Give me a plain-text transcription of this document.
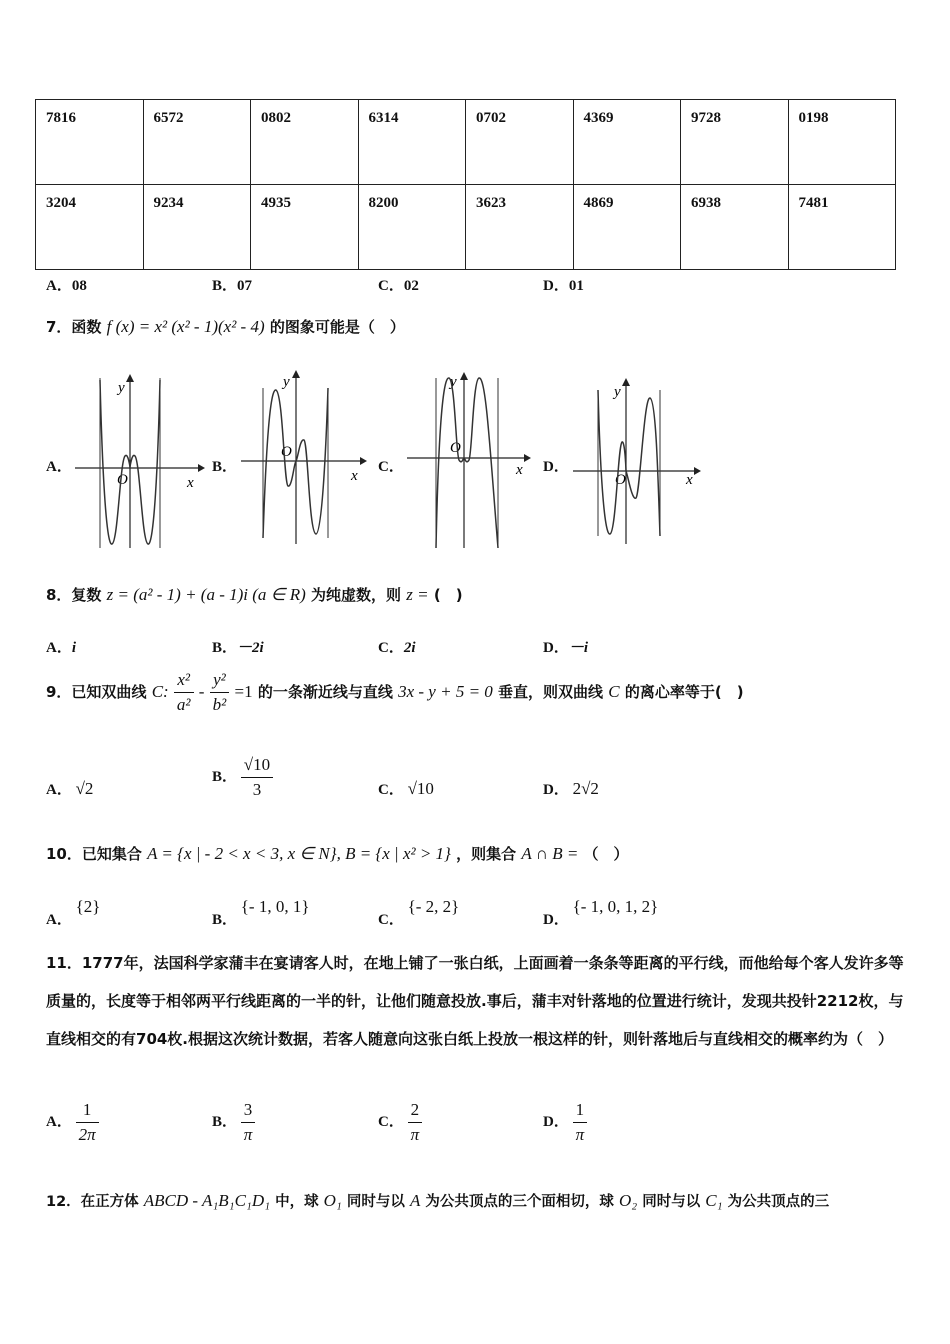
7816	6572	0802	6314	0702	4369	9728	0198
3204	9234	4935	8200	3623	4869	6938	7481
A．08	B．07	C．02	D．01
7．函数 f (x) = x² (x² - 1)(x² - 4) 的图象可能是（　）
A．	B．	C．	D．
y
x
O
y
x
O
y
x
O
y
x
O
8．复数 z = (a² - 1) + (a - 1)i (a ∈ R) 为纯虚数，则 z = (　)
A．i	B．－2i	C．2i	D．－i
9．已知双曲线 C: $\frac{\text{x²}}{\text{a²}} - \frac{\text{y²}}{\text{b²}} =1$ 的一条渐近线与直线 3x - y + 5 = 0 垂直，则双曲线 C 的离心率等于(　)
A． √2
B． $\frac{√10}{3}$	C． √10	D． 2√2
10．已知集合 A = {x | - 2 < x < 3, x ∈ N}, B = {x | x² > 1} ，则集合 A ∩ B = （　）
A． {2}
B． {- 1, 0, 1}
C． {- 2, 2}
D． {- 1, 0, 1, 2}
11．1777年，法国科学家蒲丰在宴请客人时，在地上铺了一张白纸，上面画着一条条等距离的平行线，而他给每个客人发许多等质量的，长度等于相邻两平行线距离的一半的针，让他们随意投放.事后，蒲丰对针落地的位置进行统计，发现共投针2212枚，与直线相交的有704枚.根据这次统计数据，若客人随意向这张白纸上投放一根这样的针，则针落地后与直线相交的概率约为（　）
A． $\frac{1}{2\pi}$	B． $\frac{3}{\pi}$	C． $\frac{2}{\pi}$	D． $\frac{1}{\pi}$
12．在正方体 ABCD - A₁B₁C₁D₁ 中，球 O₁ 同时与以 A 为公共顶点的三个面相切，球 O₂ 同时与以 C₁ 为公共顶点的三
